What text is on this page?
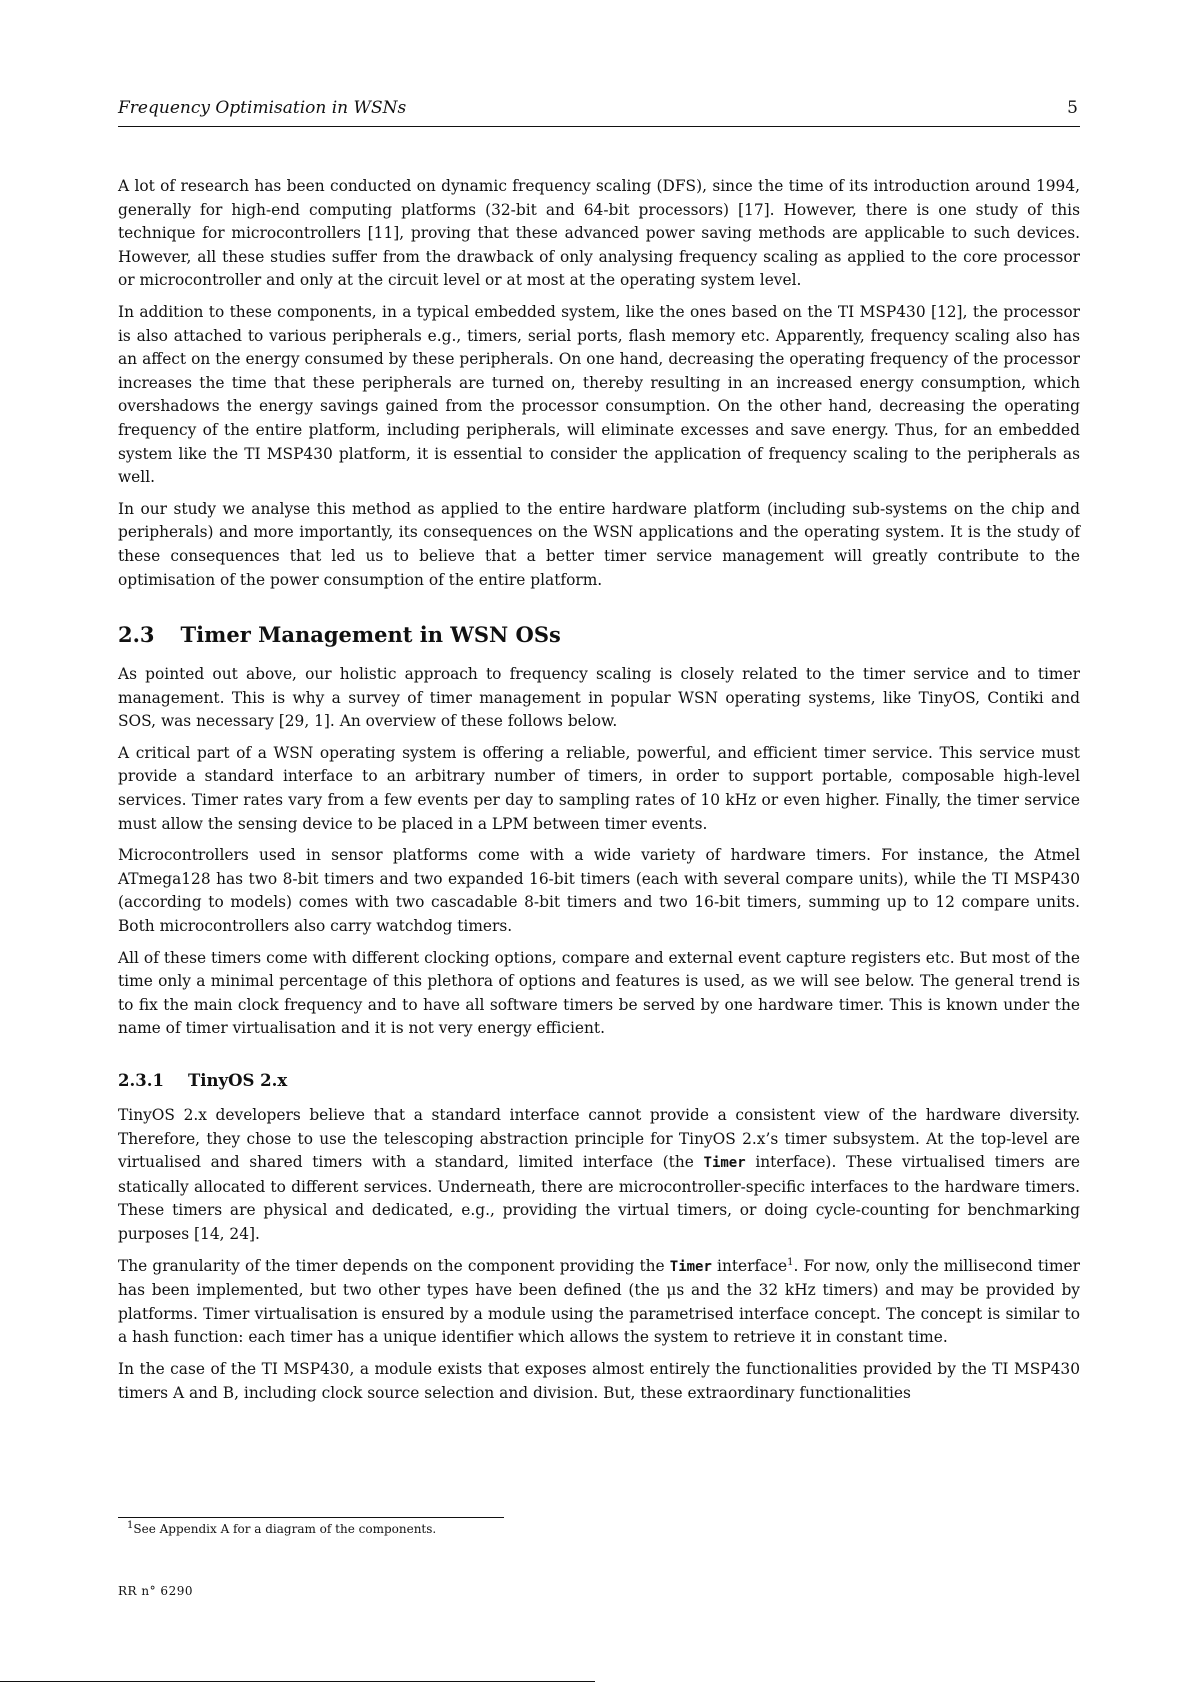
Frequency Optimisation in WSNs	5

A lot of research has been conducted on dynamic frequency scaling (DFS), since the time of its introduction around 1994, generally for high-end computing platforms (32-bit and 64-bit processors) [17]. However, there is one study of this technique for microcontrollers [11], proving that these advanced power saving methods are applicable to such devices. However, all these studies suffer from the drawback of only analysing frequency scaling as applied to the core processor or microcontroller and only at the circuit level or at most at the operating system level.

In addition to these components, in a typical embedded system, like the ones based on the TI MSP430 [12], the processor is also attached to various peripherals e.g., timers, serial ports, flash memory etc. Apparently, frequency scaling also has an affect on the energy consumed by these peripherals. On one hand, decreasing the operating frequency of the processor increases the time that these peripherals are turned on, thereby resulting in an increased energy consumption, which overshadows the energy savings gained from the processor consumption. On the other hand, decreasing the operating frequency of the entire platform, including peripherals, will eliminate excesses and save energy. Thus, for an embedded system like the TI MSP430 platform, it is essential to consider the application of frequency scaling to the peripherals as well.

In our study we analyse this method as applied to the entire hardware platform (including sub-systems on the chip and peripherals) and more importantly, its consequences on the WSN applications and the operating system. It is the study of these consequences that led us to believe that a better timer service management will greatly contribute to the optimisation of the power consumption of the entire platform.

2.3 Timer Management in WSN OSs

As pointed out above, our holistic approach to frequency scaling is closely related to the timer service and to timer management. This is why a survey of timer management in popular WSN operating systems, like TinyOS, Contiki and SOS, was necessary [29, 1]. An overview of these follows below.

A critical part of a WSN operating system is offering a reliable, powerful, and efficient timer service. This service must provide a standard interface to an arbitrary number of timers, in order to support portable, composable high-level services. Timer rates vary from a few events per day to sampling rates of 10 kHz or even higher. Finally, the timer service must allow the sensing device to be placed in a LPM between timer events.

Microcontrollers used in sensor platforms come with a wide variety of hardware timers. For instance, the Atmel ATmega128 has two 8-bit timers and two expanded 16-bit timers (each with several compare units), while the TI MSP430 (according to models) comes with two cascadable 8-bit timers and two 16-bit timers, summing up to 12 compare units. Both microcontrollers also carry watchdog timers.

All of these timers come with different clocking options, compare and external event capture registers etc. But most of the time only a minimal percentage of this plethora of options and features is used, as we will see below. The general trend is to fix the main clock frequency and to have all software timers be served by one hardware timer. This is known under the name of timer virtualisation and it is not very energy efficient.

2.3.1 TinyOS 2.x

TinyOS 2.x developers believe that a standard interface cannot provide a consistent view of the hardware diversity. Therefore, they chose to use the telescoping abstraction principle for TinyOS 2.x’s timer subsystem. At the top-level are virtualised and shared timers with a standard, limited interface (the Timer interface). These virtualised timers are statically allocated to different services. Underneath, there are microcontroller-specific interfaces to the hardware timers. These timers are physical and dedicated, e.g., providing the virtual timers, or doing cycle-counting for benchmarking purposes [14, 24].

The granularity of the timer depends on the component providing the Timer interface$^1$. For now, only the millisecond timer has been implemented, but two other types have been defined (the μs and the 32 kHz timers) and may be provided by platforms. Timer virtualisation is ensured by a module using the parametrised interface concept. The concept is similar to a hash function: each timer has a unique identifier which allows the system to retrieve it in constant time.

In the case of the TI MSP430, a module exists that exposes almost entirely the functionalities provided by the TI MSP430 timers A and B, including clock source selection and division. But, these extraordinary functionalities

$^1$See Appendix A for a diagram of the components.
RR n° 6290
